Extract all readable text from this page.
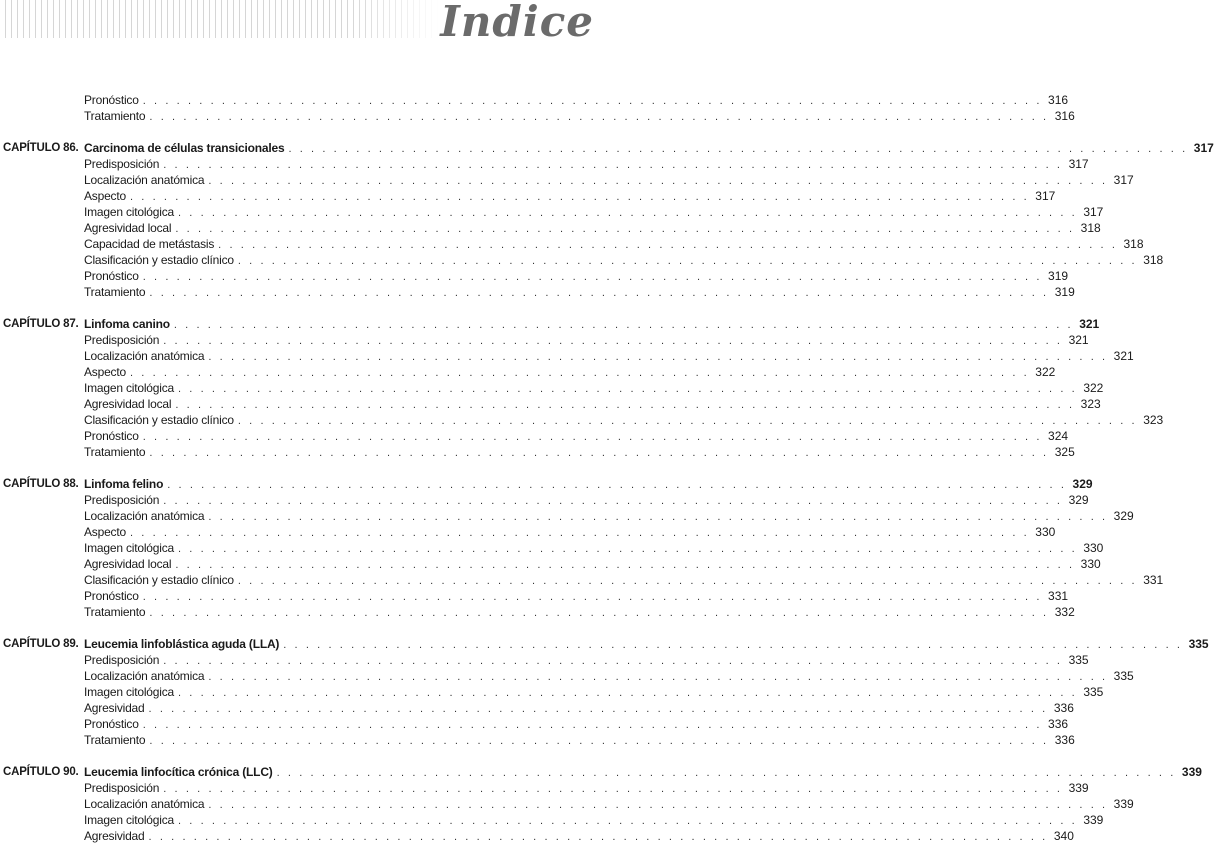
Indice
Pronóstico . . . . . . . . . . . . . . . . . . . . . . . . . . . . . . . . . . . . . . . . . . . . . . . . . . . . . . . . . . . . . . . . . . . . . . . . . . . . . . . . 316
Tratamiento . . . . . . . . . . . . . . . . . . . . . . . . . . . . . . . . . . . . . . . . . . . . . . . . . . . . . . . . . . . . . . . . . . . . . . . . . . . . . . . . 316
CAPÍTULO 86. Carcinoma de células transicionales . . . . . . . . . . . . . . . . . . . . . . . . . . . . . . . . . . . . . . . . . . . . . . . . . . . . . . . . . . . . . . . . . . . . . . . . . . . . . . . . 317
Predisposición . . . . . . . . . . . . . . . . . . . . . . . . . . . . . . . . . . . . . . . . . . . . . . . . . . . . . . . . . . . . . . . . . . . . . . . . . . . . . . . . 317
Localización anatómica . . . . . . . . . . . . . . . . . . . . . . . . . . . . . . . . . . . . . . . . . . . . . . . . . . . . . . . . . . . . . . . . . . . . . . . . . . . . . . . . 317
Aspecto . . . . . . . . . . . . . . . . . . . . . . . . . . . . . . . . . . . . . . . . . . . . . . . . . . . . . . . . . . . . . . . . . . . . . . . . . . . . . . . . 317
Imagen citológica . . . . . . . . . . . . . . . . . . . . . . . . . . . . . . . . . . . . . . . . . . . . . . . . . . . . . . . . . . . . . . . . . . . . . . . . . . . . . . . . 317
Agresividad local . . . . . . . . . . . . . . . . . . . . . . . . . . . . . . . . . . . . . . . . . . . . . . . . . . . . . . . . . . . . . . . . . . . . . . . . . . . . . . . . 318
Capacidad de metástasis . . . . . . . . . . . . . . . . . . . . . . . . . . . . . . . . . . . . . . . . . . . . . . . . . . . . . . . . . . . . . . . . . . . . . . . . . . . . . . . . 318
Clasificación y estadio clínico . . . . . . . . . . . . . . . . . . . . . . . . . . . . . . . . . . . . . . . . . . . . . . . . . . . . . . . . . . . . . . . . . . . . . . . . . . . . . . . . 318
Pronóstico . . . . . . . . . . . . . . . . . . . . . . . . . . . . . . . . . . . . . . . . . . . . . . . . . . . . . . . . . . . . . . . . . . . . . . . . . . . . . . . . 319
Tratamiento . . . . . . . . . . . . . . . . . . . . . . . . . . . . . . . . . . . . . . . . . . . . . . . . . . . . . . . . . . . . . . . . . . . . . . . . . . . . . . . . 319
CAPÍTULO 87. Linfoma canino . . . . . . . . . . . . . . . . . . . . . . . . . . . . . . . . . . . . . . . . . . . . . . . . . . . . . . . . . . . . . . . . . . . . . . . . . . . . . . . . 321
Predisposición . . . . . . . . . . . . . . . . . . . . . . . . . . . . . . . . . . . . . . . . . . . . . . . . . . . . . . . . . . . . . . . . . . . . . . . . . . . . . . . . 321
Localización anatómica . . . . . . . . . . . . . . . . . . . . . . . . . . . . . . . . . . . . . . . . . . . . . . . . . . . . . . . . . . . . . . . . . . . . . . . . . . . . . . . . 321
Aspecto . . . . . . . . . . . . . . . . . . . . . . . . . . . . . . . . . . . . . . . . . . . . . . . . . . . . . . . . . . . . . . . . . . . . . . . . . . . . . . . . 322
Imagen citológica . . . . . . . . . . . . . . . . . . . . . . . . . . . . . . . . . . . . . . . . . . . . . . . . . . . . . . . . . . . . . . . . . . . . . . . . . . . . . . . . 322
Agresividad local . . . . . . . . . . . . . . . . . . . . . . . . . . . . . . . . . . . . . . . . . . . . . . . . . . . . . . . . . . . . . . . . . . . . . . . . . . . . . . . . 323
Clasificación y estadio clínico . . . . . . . . . . . . . . . . . . . . . . . . . . . . . . . . . . . . . . . . . . . . . . . . . . . . . . . . . . . . . . . . . . . . . . . . . . . . . . . . 323
Pronóstico . . . . . . . . . . . . . . . . . . . . . . . . . . . . . . . . . . . . . . . . . . . . . . . . . . . . . . . . . . . . . . . . . . . . . . . . . . . . . . . . 324
Tratamiento . . . . . . . . . . . . . . . . . . . . . . . . . . . . . . . . . . . . . . . . . . . . . . . . . . . . . . . . . . . . . . . . . . . . . . . . . . . . . . . . 325
CAPÍTULO 88. Linfoma felino . . . . . . . . . . . . . . . . . . . . . . . . . . . . . . . . . . . . . . . . . . . . . . . . . . . . . . . . . . . . . . . . . . . . . . . . . . . . . . . . 329
Predisposición . . . . . . . . . . . . . . . . . . . . . . . . . . . . . . . . . . . . . . . . . . . . . . . . . . . . . . . . . . . . . . . . . . . . . . . . . . . . . . . . 329
Localización anatómica . . . . . . . . . . . . . . . . . . . . . . . . . . . . . . . . . . . . . . . . . . . . . . . . . . . . . . . . . . . . . . . . . . . . . . . . . . . . . . . . 329
Aspecto . . . . . . . . . . . . . . . . . . . . . . . . . . . . . . . . . . . . . . . . . . . . . . . . . . . . . . . . . . . . . . . . . . . . . . . . . . . . . . . . 330
Imagen citológica . . . . . . . . . . . . . . . . . . . . . . . . . . . . . . . . . . . . . . . . . . . . . . . . . . . . . . . . . . . . . . . . . . . . . . . . . . . . . . . . 330
Agresividad local . . . . . . . . . . . . . . . . . . . . . . . . . . . . . . . . . . . . . . . . . . . . . . . . . . . . . . . . . . . . . . . . . . . . . . . . . . . . . . . . 330
Clasificación y estadio clínico . . . . . . . . . . . . . . . . . . . . . . . . . . . . . . . . . . . . . . . . . . . . . . . . . . . . . . . . . . . . . . . . . . . . . . . . . . . . . . . . 331
Pronóstico . . . . . . . . . . . . . . . . . . . . . . . . . . . . . . . . . . . . . . . . . . . . . . . . . . . . . . . . . . . . . . . . . . . . . . . . . . . . . . . . 331
Tratamiento . . . . . . . . . . . . . . . . . . . . . . . . . . . . . . . . . . . . . . . . . . . . . . . . . . . . . . . . . . . . . . . . . . . . . . . . . . . . . . . . 332
CAPÍTULO 89. Leucemia linfoblástica aguda (LLA) . . . . . . . . . . . . . . . . . . . . . . . . . . . . . . . . . . . . . . . . . . . . . . . . . . . . . . . . . . . . . . . . . . . . . . . . . . . . . . . . 335
Predisposición . . . . . . . . . . . . . . . . . . . . . . . . . . . . . . . . . . . . . . . . . . . . . . . . . . . . . . . . . . . . . . . . . . . . . . . . . . . . . . . . 335
Localización anatómica . . . . . . . . . . . . . . . . . . . . . . . . . . . . . . . . . . . . . . . . . . . . . . . . . . . . . . . . . . . . . . . . . . . . . . . . . . . . . . . . 335
Imagen citológica . . . . . . . . . . . . . . . . . . . . . . . . . . . . . . . . . . . . . . . . . . . . . . . . . . . . . . . . . . . . . . . . . . . . . . . . . . . . . . . . 335
Agresividad . . . . . . . . . . . . . . . . . . . . . . . . . . . . . . . . . . . . . . . . . . . . . . . . . . . . . . . . . . . . . . . . . . . . . . . . . . . . . . . . 336
Pronóstico . . . . . . . . . . . . . . . . . . . . . . . . . . . . . . . . . . . . . . . . . . . . . . . . . . . . . . . . . . . . . . . . . . . . . . . . . . . . . . . . 336
Tratamiento . . . . . . . . . . . . . . . . . . . . . . . . . . . . . . . . . . . . . . . . . . . . . . . . . . . . . . . . . . . . . . . . . . . . . . . . . . . . . . . . 336
CAPÍTULO 90. Leucemia linfocítica crónica (LLC) . . . . . . . . . . . . . . . . . . . . . . . . . . . . . . . . . . . . . . . . . . . . . . . . . . . . . . . . . . . . . . . . . . . . . . . . . . . . . . . . 339
Predisposición . . . . . . . . . . . . . . . . . . . . . . . . . . . . . . . . . . . . . . . . . . . . . . . . . . . . . . . . . . . . . . . . . . . . . . . . . . . . . . . . 339
Localización anatómica . . . . . . . . . . . . . . . . . . . . . . . . . . . . . . . . . . . . . . . . . . . . . . . . . . . . . . . . . . . . . . . . . . . . . . . . . . . . . . . . 339
Imagen citológica . . . . . . . . . . . . . . . . . . . . . . . . . . . . . . . . . . . . . . . . . . . . . . . . . . . . . . . . . . . . . . . . . . . . . . . . . . . . . . . . 339
Agresividad . . . . . . . . . . . . . . . . . . . . . . . . . . . . . . . . . . . . . . . . . . . . . . . . . . . . . . . . . . . . . . . . . . . . . . . . . . . . . . . . 340
